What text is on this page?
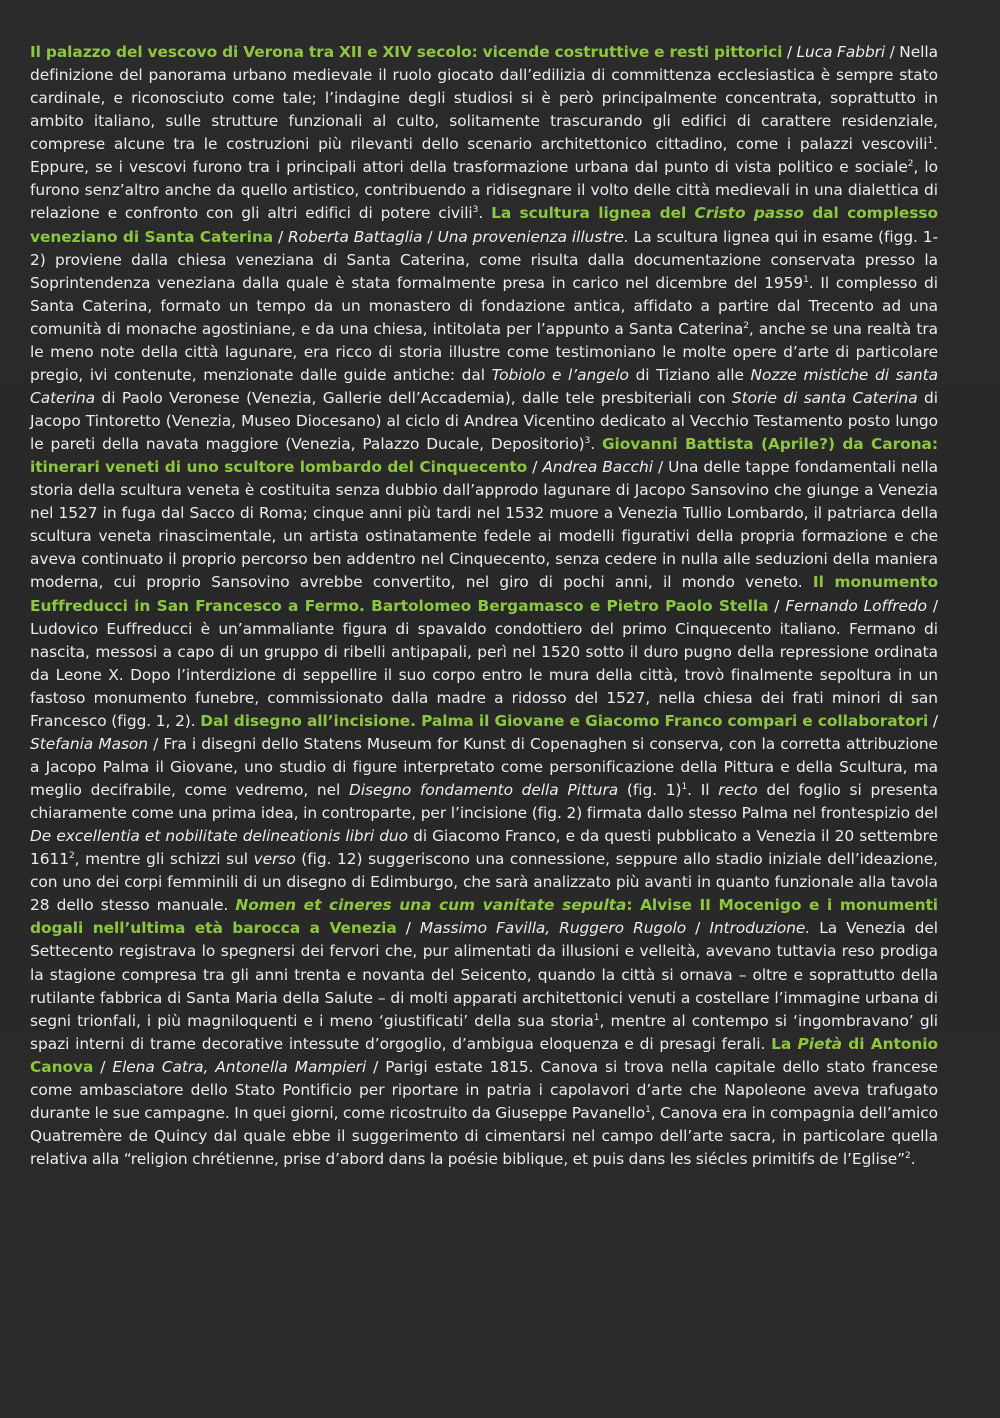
Il palazzo del vescovo di Verona tra XII e XIV secolo: vicende costruttive e resti pittorici / Luca Fabbri / Nella definizione del panorama urbano medievale il ruolo giocato dall’edilizia di committenza ecclesiastica è sempre stato cardinale, e riconosciuto come tale; l’indagine degli studiosi si è però principalmente concentrata, soprattutto in ambito italiano, sulle strutture funzionali al culto, solitamente trascurando gli edifici di carattere residenziale, comprese alcune tra le costruzioni più rilevanti dello scenario architettonico cittadino, come i palazzi vescovili$^1$. Eppure, se i vescovi furono tra i principali attori della trasformazione urbana dal punto di vista politico e sociale$^2$, lo furono senz’altro anche da quello artistico, contribuendo a ridisegnare il volto delle città medievali in una dialettica di relazione e confronto con gli altri edifici di potere civili$^3$. La scultura lignea del Cristo passo dal complesso veneziano di Santa Caterina / Roberta Battaglia / Una provenienza illustre. La scultura lignea qui in esame (figg. 1-2) proviene dalla chiesa veneziana di Santa Caterina, come risulta dalla documentazione conservata presso la Soprintendenza veneziana dalla quale è stata formalmente presa in carico nel dicembre del 1959$^1$. Il complesso di Santa Caterina, formato un tempo da un monastero di fondazione antica, affidato a partire dal Trecento ad una comunità di monache agostiniane, e da una chiesa, intitolata per l’appunto a Santa Caterina$^2$, anche se una realtà tra le meno note della città lagunare, era ricco di storia illustre come testimoniano le molte opere d’arte di particolare pregio, ivi contenute, menzionate dalle guide antiche: dal Tobiolo e l’angelo di Tiziano alle Nozze mistiche di santa Caterina di Paolo Veronese (Venezia, Gallerie dell’Accademia), dalle tele presbiteriali con Storie di santa Caterina di Jacopo Tintoretto (Venezia, Museo Diocesano) al ciclo di Andrea Vicentino dedicato al Vecchio Testamento posto lungo le pareti della navata maggiore (Venezia, Palazzo Ducale, Depositorio)$^3$. Giovanni Battista (Aprile?) da Carona: itinerari veneti di uno scultore lombardo del Cinquecento / Andrea Bacchi / Una delle tappe fondamentali nella storia della scultura veneta è costituita senza dubbio dall’approdo lagunare di Jacopo Sansovino che giunge a Venezia nel 1527 in fuga dal Sacco di Roma; cinque anni più tardi nel 1532 muore a Venezia Tullio Lombardo, il patriarca della scultura veneta rinascimentale, un artista ostinatamente fedele ai modelli figurativi della propria formazione e che aveva continuato il proprio percorso ben addentro nel Cinquecento, senza cedere in nulla alle seduzioni della maniera moderna, cui proprio Sansovino avrebbe convertito, nel giro di pochi anni, il mondo veneto. Il monumento Euffreducci in San Francesco a Fermo. Bartolomeo Bergamasco e Pietro Paolo Stella / Fernando Loffredo / Ludovico Euffreducci è un’ammaliante figura di spavaldo condottiero del primo Cinquecento italiano. Fermano di nascita, messosi a capo di un gruppo di ribelli antipapali, perì nel 1520 sotto il duro pugno della repressione ordinata da Leone X. Dopo l’interdizione di seppellire il suo corpo entro le mura della città, trovò finalmente sepoltura in un fastoso monumento funebre, commissionato dalla madre a ridosso del 1527, nella chiesa dei frati minori di san Francesco (figg. 1, 2). Dal disegno all’incisione. Palma il Giovane e Giacomo Franco compari e collaboratori / Stefania Mason / Fra i disegni dello Statens Museum for Kunst di Copenaghen si conserva, con la corretta attribuzione a Jacopo Palma il Giovane, uno studio di figure interpretato come personificazione della Pittura e della Scultura, ma meglio decifrabile, come vedremo, nel Disegno fondamento della Pittura (fig. 1)$^1$. Il recto del foglio si presenta chiaramente come una prima idea, in controparte, per l’incisione (fig. 2) firmata dallo stesso Palma nel frontespizio del De excellentia et nobilitate delineationis libri duo di Giacomo Franco, e da questi pubblicato a Venezia il 20 settembre 1611$^2$, mentre gli schizzi sul verso (fig. 12) suggeriscono una connessione, seppure allo stadio iniziale dell’ideazione, con uno dei corpi femminili di un disegno di Edimburgo, che sarà analizzato più avanti in quanto funzionale alla tavola 28 dello stesso manuale. Nomen et cineres una cum vanitate sepulta: Alvise II Mocenigo e i monumenti dogali nell’ultima età barocca a Venezia / Massimo Favilla, Ruggero Rugolo / Introduzione. La Venezia del Settecento registrava lo spegnersi dei fervori che, pur alimentati da illusioni e velleità, avevano tuttavia reso prodiga la stagione compresa tra gli anni trenta e novanta del Seicento, quando la città si ornava – oltre e soprattutto della rutilante fabbrica di Santa Maria della Salute – di molti apparati architettonici venuti a costellare l’immagine urbana di segni trionfali, i più magniloquenti e i meno ‘giustificati’ della sua storia$^1$, mentre al contempo si ‘ingombravano’ gli spazi interni di trame decorative intessute d’orgoglio, d’ambigua eloquenza e di presagi ferali. La Pietà di Antonio Canova / Elena Catra, Antonella Mampieri / Parigi estate 1815. Canova si trova nella capitale dello stato francese come ambasciatore dello Stato Pontificio per riportare in patria i capolavori d’arte che Napoleone aveva trafugato durante le sue campagne. In quei giorni, come ricostruito da Giuseppe Pavanello$^1$, Canova era in compagnia dell’amico Quatremère de Quincy dal quale ebbe il suggerimento di cimentarsi nel campo dell’arte sacra, in particolare quella relativa alla “religion chrétienne, prise d’abord dans la poésie biblique, et puis dans les siécles primitifs de l’Eglise”$^2$.
